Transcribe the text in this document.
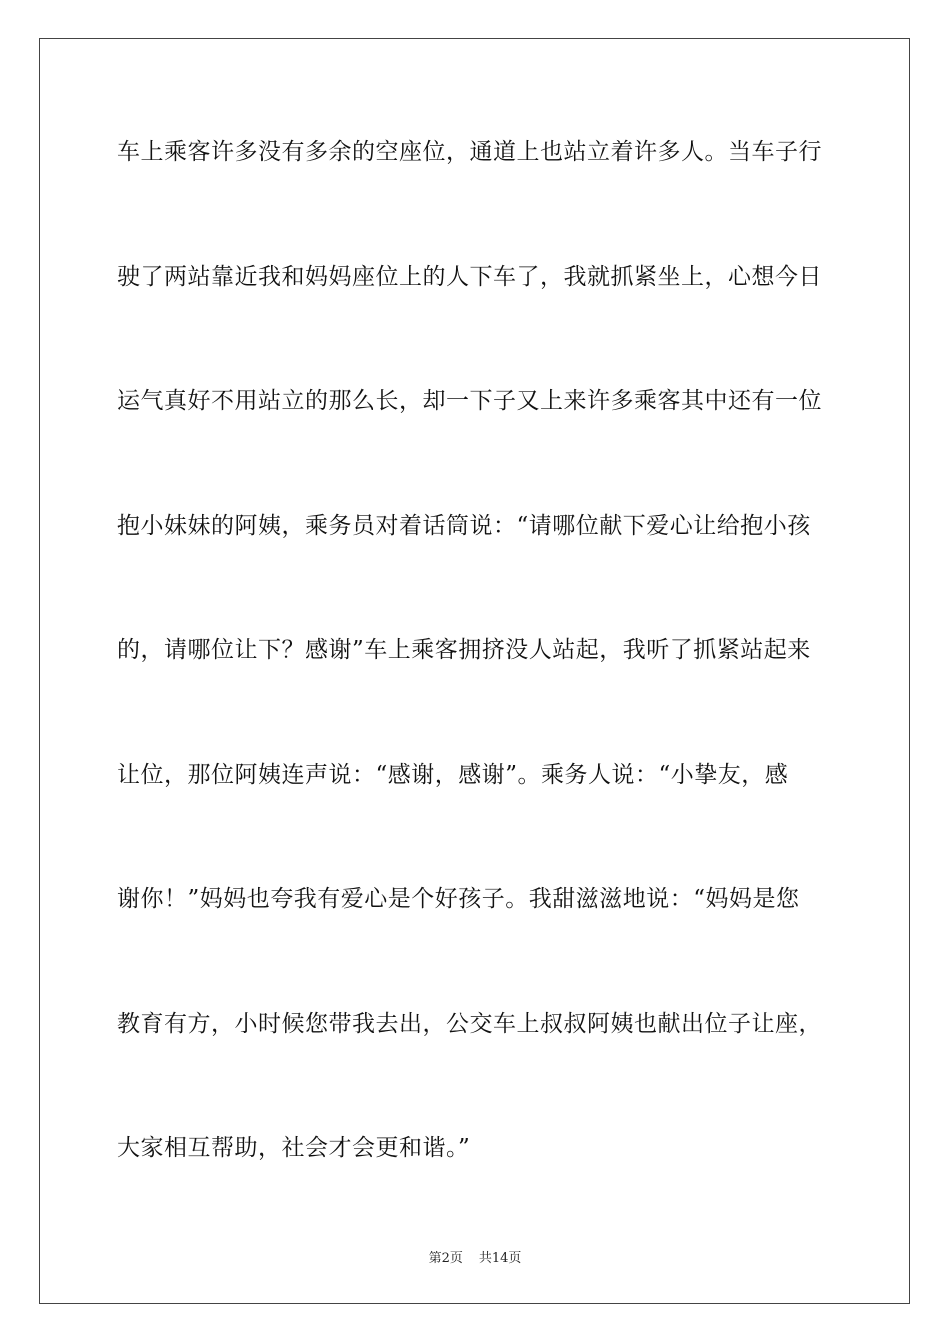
车上乘客许多没有多余的空座位，通道上也站立着许多人。当车子行
驶了两站靠近我和妈妈座位上的人下车了，我就抓紧坐上，心想今日
运气真好不用站立的那么长，却一下子又上来许多乘客其中还有一位
抱小妹妹的阿姨，乘务员对着话筒说：“请哪位献下爱心让给抱小孩
的，请哪位让下？感谢”车上乘客拥挤没人站起，我听了抓紧站起来
让位，那位阿姨连声说：“感谢，感谢”。乘务人说：“小挚友，感
谢你！”妈妈也夸我有爱心是个好孩子。我甜滋滋地说：“妈妈是您
教育有方，小时候您带我去出，公交车上叔叔阿姨也献出位子让座，
大家相互帮助，社会才会更和谐。”
第2页 共14页
